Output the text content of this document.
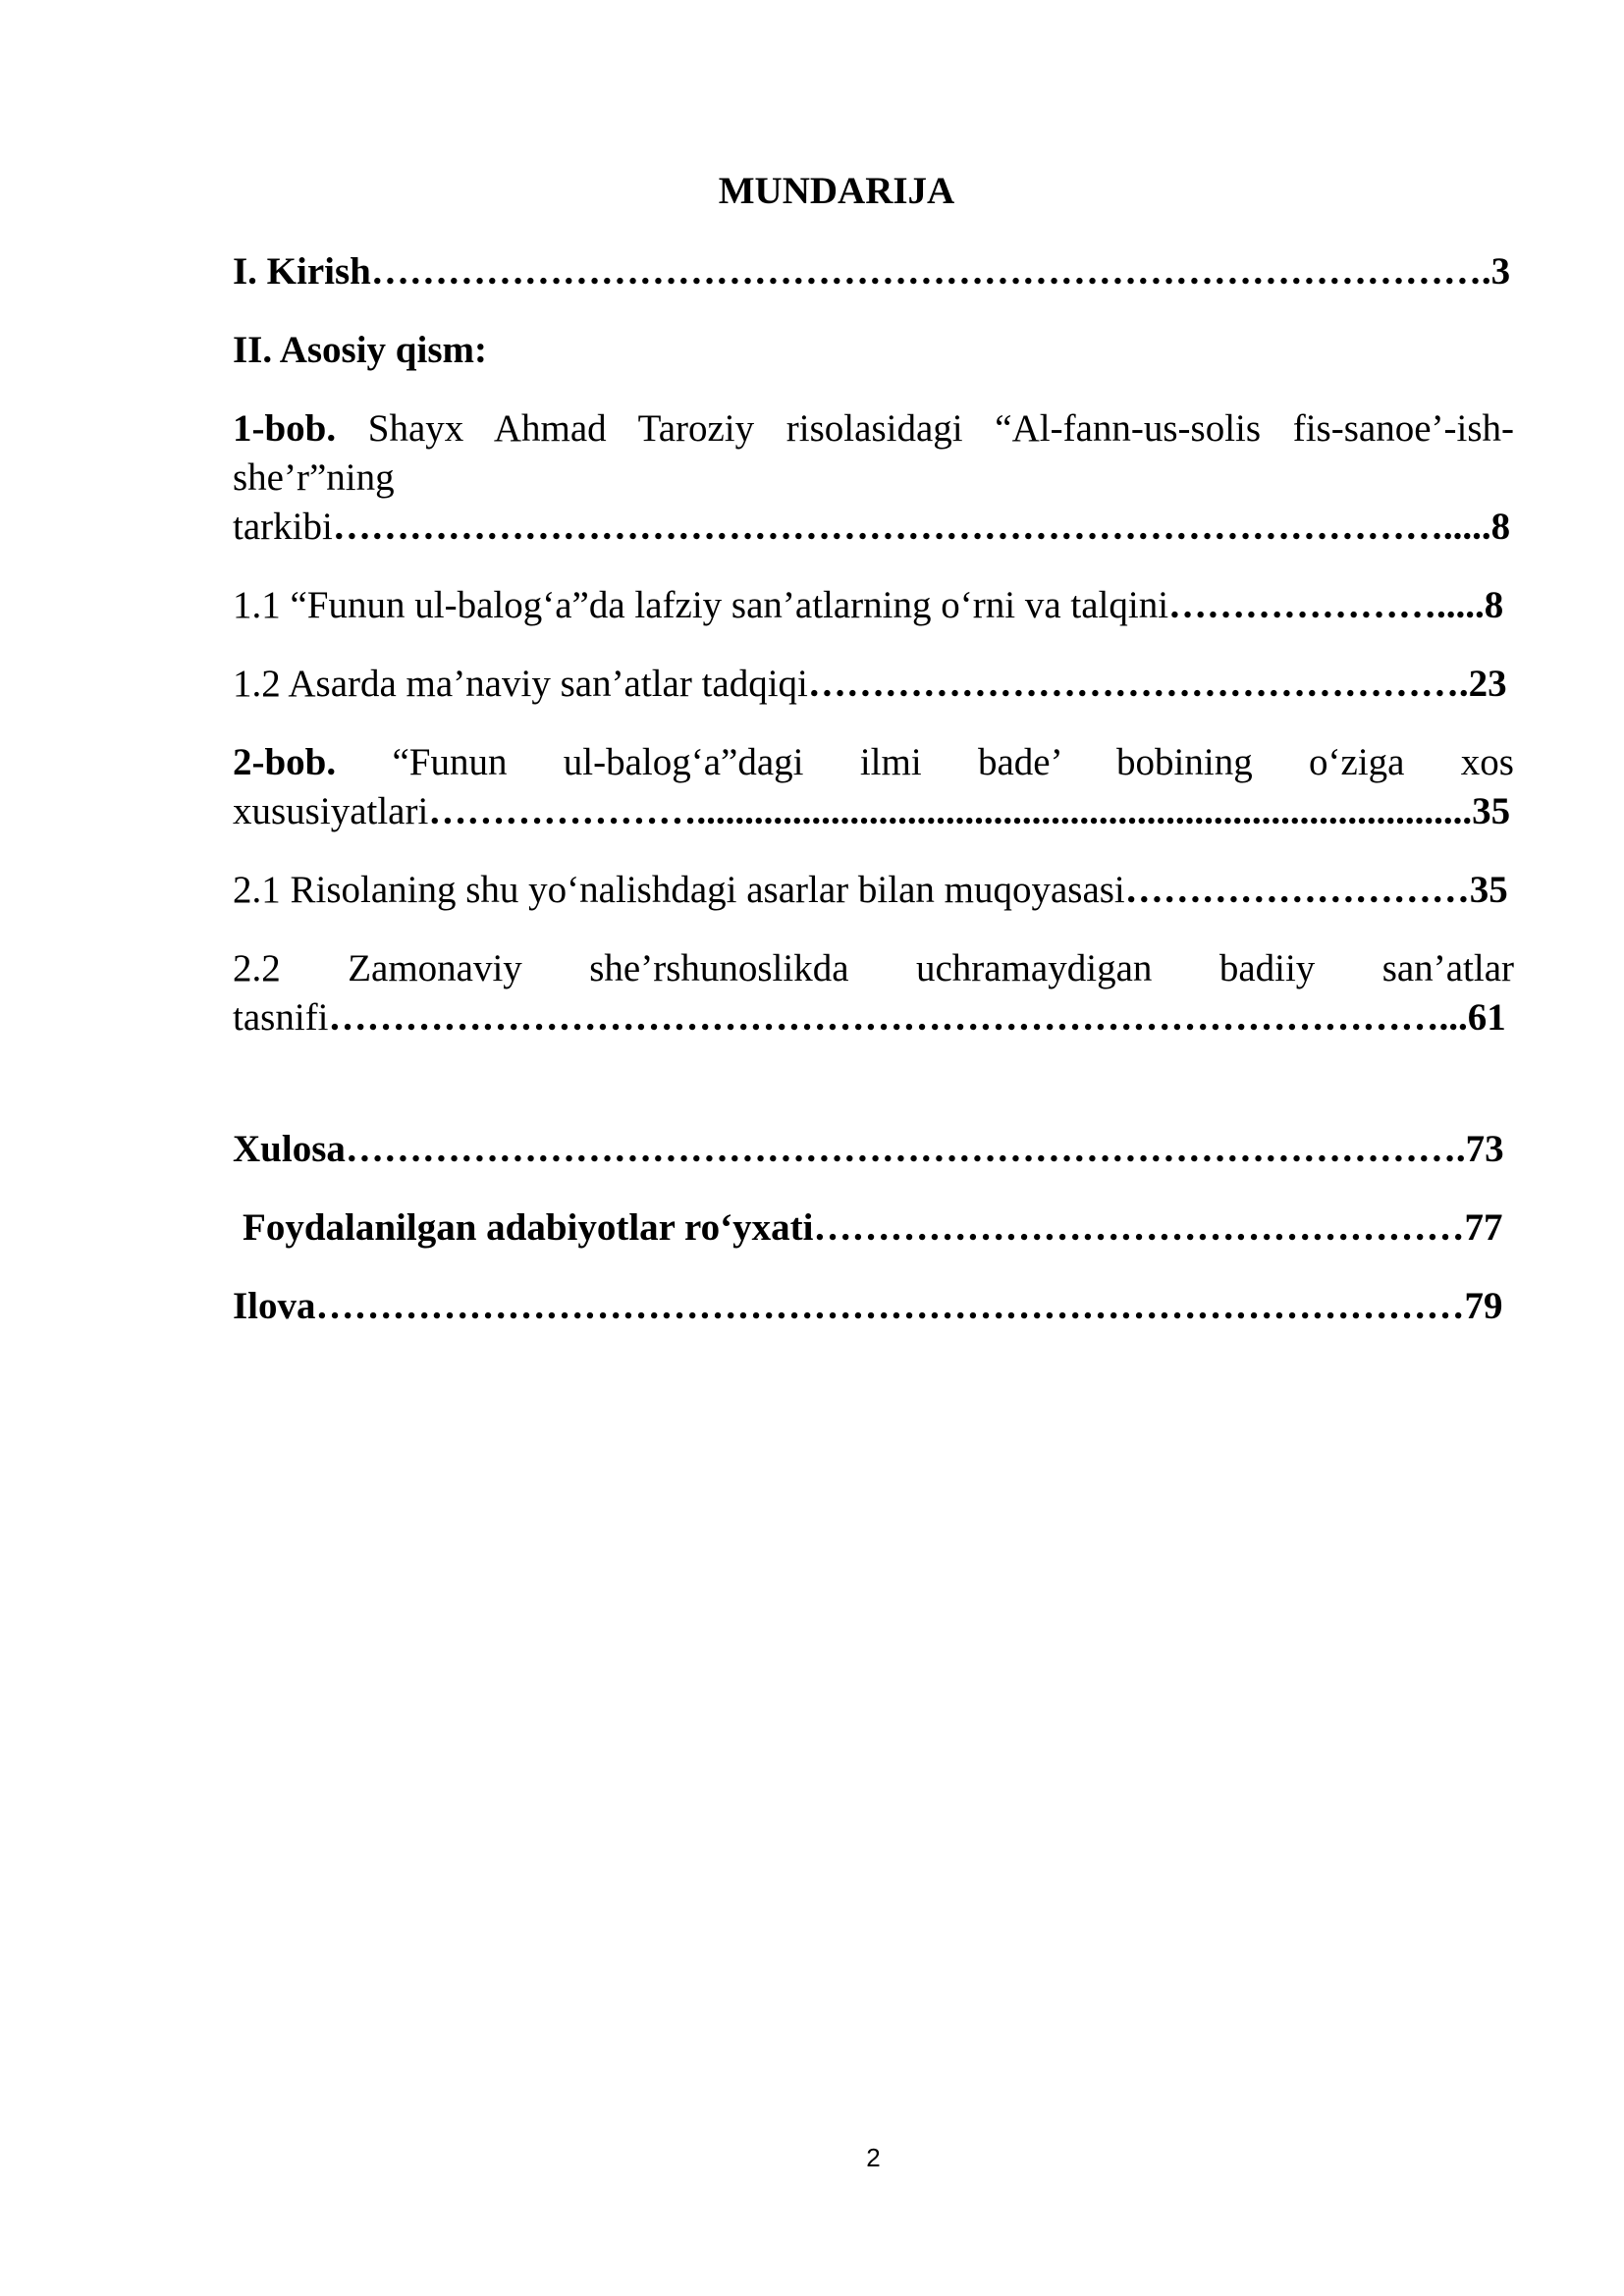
MUNDARIJA
I. Kirish…………………………………………………………………………….3
II. Asosiy qism:
1-bob. Shayx Ahmad Taroziy risolasidagi “Al-fann-us-solis fis-sanoe’-ish-
she’r”ning
tarkibi…………………………………………………………………………….....8
1.1 “Funun ul-balog‘a”da lafziy san’atlarning o‘rni va talqini………………….....8
1.2 Asarda ma’naviy san’atlar tadqiqi…………………………………………….23
2-bob. “Funun ul-balog‘a”dagi ilmi bade’ bobining o‘ziga xos
xususiyatlari………………….................................................................................35
2.1 Risolaning shu yo‘nalishdagi asarlar bilan muqoyasasi………………………35
2.2 Zamonaviy she’rshunoslikda uchramaydigan badiiy san’atlar
tasnifi……………………………………………………………………………...61
Xulosa…………………………………………………………………………….73
Foydalanilgan adabiyotlar ro‘yxati……………………………………………77
Ilova………………………………………………………………………………79
2
